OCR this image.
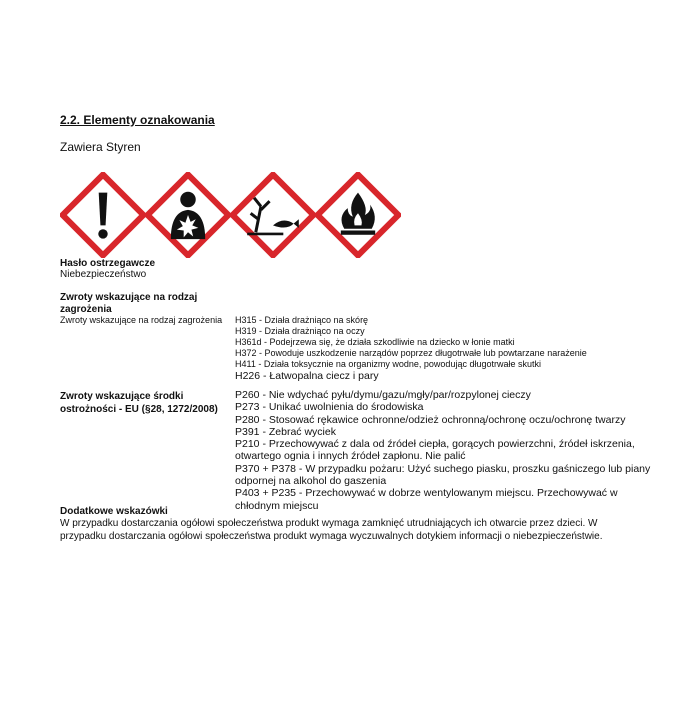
2.2. Elementy oznakowania
Zawiera Styren
Hasło ostrzegawcze
Niebezpieczeństwo
Zwroty wskazujące na rodzaj
zagrożenia
Zwroty wskazujące na rodzaj zagrożenia H315 - Działa drażniąco na skórę
H319 - Działa drażniąco na oczy
H361d - Podejrzewa się, że działa szkodliwie na dziecko w łonie matki
H372 - Powoduje uszkodzenie narządów poprzez długotrwałe lub powtarzane narażenie
H411 - Działa toksycznie na organizmy wodne, powodując długotrwałe skutki
H226 - Łatwopalna ciecz i pary
Zwroty wskazujące środki
ostrożności - EU (§28, 1272/2008)
P260 - Nie wdychać pyłu/dymu/gazu/mgły/par/rozpylonej cieczy
P273 - Unikać uwolnienia do środowiska
P280 - Stosować rękawice ochronne/odzież ochronną/ochronę oczu/ochronę twarzy
P391 - Zebrać wyciek
P210 - Przechowywać z dala od źródeł ciepła, gorących powierzchni, źródeł iskrzenia,
otwartego ognia i innych źródeł zapłonu. Nie palić
P370 + P378 - W przypadku pożaru: Użyć suchego piasku, proszku gaśniczego lub piany
odpornej na alkohol do gaszenia
P403 + P235 - Przechowywać w dobrze wentylowanym miejscu. Przechowywać w
chłodnym miejscu
Dodatkowe wskazówki
W przypadku dostarczania ogółowi społeczeństwa produkt wymaga zamknięć utrudniających ich otwarcie przez dzieci. W
przypadku dostarczania ogółowi społeczeństwa produkt wymaga wyczuwalnych dotykiem informacji o niebezpieczeństwie.
